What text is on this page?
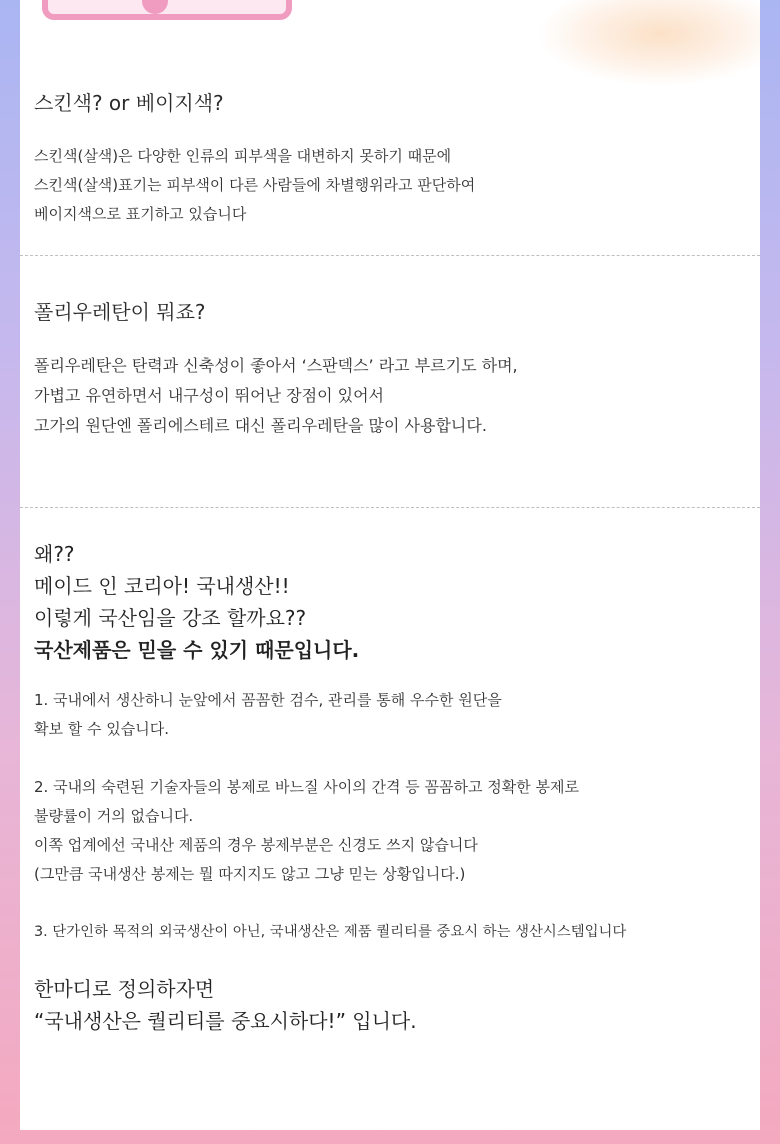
스킨색? or 베이지색?

스킨색(살색)은 다양한 인류의 피부색을 대변하지 못하기 때문에

스킨색(살색)표기는 피부색이 다른 사람들에 차별행위라고 판단하여

베이지색으로 표기하고 있습니다

폴리우레탄이 뭐죠?

폴리우레탄은 탄력과 신축성이 좋아서 ‘스판덱스’ 라고 부르기도 하며,

가볍고 유연하면서 내구성이 뛰어난 장점이 있어서

고가의 원단엔 폴리에스테르 대신 폴리우레탄을 많이 사용합니다.

왜??

메이드 인 코리아! 국내생산!!

이렇게 국산임을 강조 할까요??

국산제품은 믿을 수 있기 때문입니다.

1. 국내에서 생산하니 눈앞에서 꼼꼼한 검수, 관리를 통해 우수한 원단을

확보 할 수 있습니다.

2. 국내의 숙련된 기술자들의 봉제로 바느질 사이의 간격 등 꼼꼼하고 정확한 봉제로

불량률이 거의 없습니다.

이쪽 업계에선 국내산 제품의 경우 봉제부분은 신경도 쓰지 않습니다

(그만큼 국내생산 봉제는 뭘 따지지도 않고 그냥 믿는 상황입니다.)

3. 단가인하 목적의 외국생산이 아닌, 국내생산은 제품 퀄리티를 중요시 하는 생산시스템입니다

한마디로 정의하자면

“국내생산은 퀄리티를 중요시하다!” 입니다.
